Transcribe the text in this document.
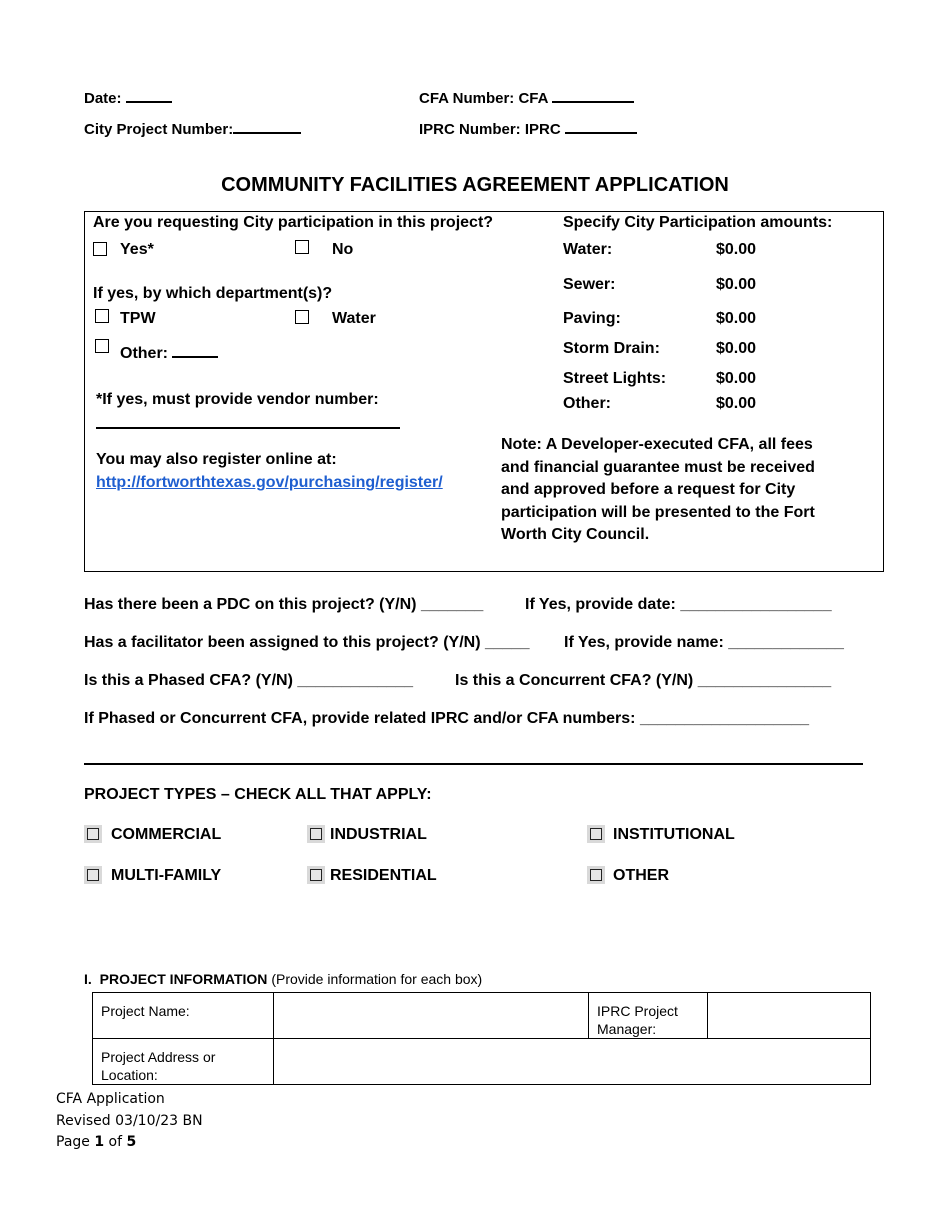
Date:	CFA Number: CFA
City Project Number:	IPRC Number: IPRC
COMMUNITY FACILITIES AGREEMENT APPLICATION
Are you requesting City participation in this project?
Yes*	No
If yes, by which department(s)?
TPW	Water
Other:
*If yes, must provide vendor number:
You may also register online at:
http://fortworthtexas.gov/purchasing/register/
Specify City Participation amounts:
Water:	$0.00
Sewer:	$0.00
Paving:	$0.00
Storm Drain:	$0.00
Street Lights:	$0.00
Other:	$0.00
Note: A Developer-executed CFA, all fees
and financial guarantee must be received
and approved before a request for City
participation will be presented to the Fort
Worth City Council.
Has there been a PDC on this project? (Y/N) _______	If Yes, provide date: _________________
Has a facilitator been assigned to this project? (Y/N) _____ If Yes, provide name: _____________
Is this a Phased CFA? (Y/N) _____________	Is this a Concurrent CFA? (Y/N) _______________
If Phased or Concurrent CFA, provide related IPRC and/or CFA numbers: ___________________
PROJECT TYPES – CHECK ALL THAT APPLY:
COMMERCIAL	INDUSTRIAL	INSTITUTIONAL
MULTI-FAMILY	RESIDENTIAL	OTHER
I. PROJECT INFORMATION (Provide information for each box)
Project Name:		IPRC Project Manager:	
Project Address or Location:			
CFA Application
Revised 03/10/23 BN
Page 1 of 5
